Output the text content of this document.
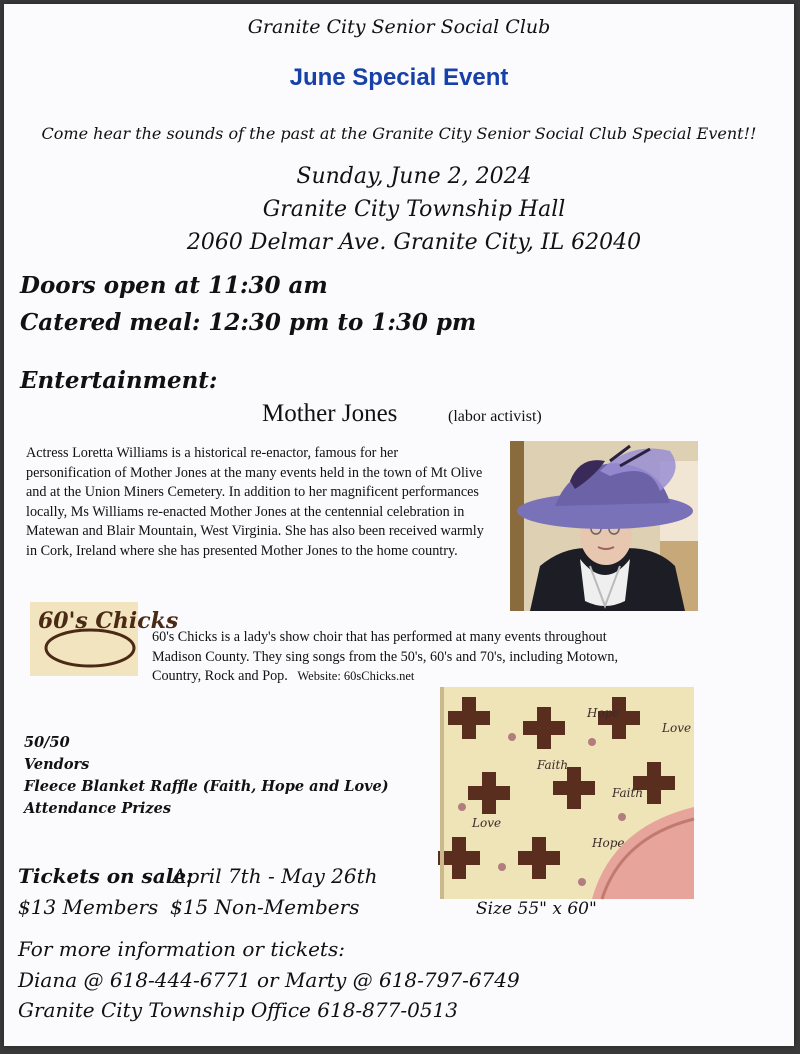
Granite City Senior Social Club
June Special Event
Come hear the sounds of the past at the Granite City Senior Social Club Special Event!!
Sunday, June 2, 2024
Granite City Township Hall
2060 Delmar Ave. Granite City, IL 62040
Doors open at 11:30 am
Catered meal: 12:30 pm to 1:30 pm
Entertainment:
Mother Jones	(labor activist)
Actress Loretta Williams is a historical re-enactor, famous for her personification of Mother Jones at the many events held in the town of Mt Olive and at the Union Miners Cemetery. In addition to her magnificent performances locally, Ms Williams re-enacted Mother Jones at the centennial celebration in Matewan and Blair Mountain, West Virginia. She has also been received warmly in Cork, Ireland where she has presented Mother Jones to the home country.
60's Chicks
60's Chicks is a lady's show choir that has performed at many events throughout Madison County. They sing songs from the 50's, 60's and 70's, including Motown, Country, Rock and Pop. Website: 60sChicks.net
Hope
Love
Faith
Love
Faith
Hope
50/50
Vendors
Fleece Blanket Raffle (Faith, Hope and Love)
Attendance Prizes
Tickets on sale:
April 7th - May 26th
$13 Members $15 Non-Members	Size 55" x 60"
For more information or tickets:
Diana @ 618-444-6771 or Marty @ 618-797-6749
Granite City Township Office 618-877-0513
